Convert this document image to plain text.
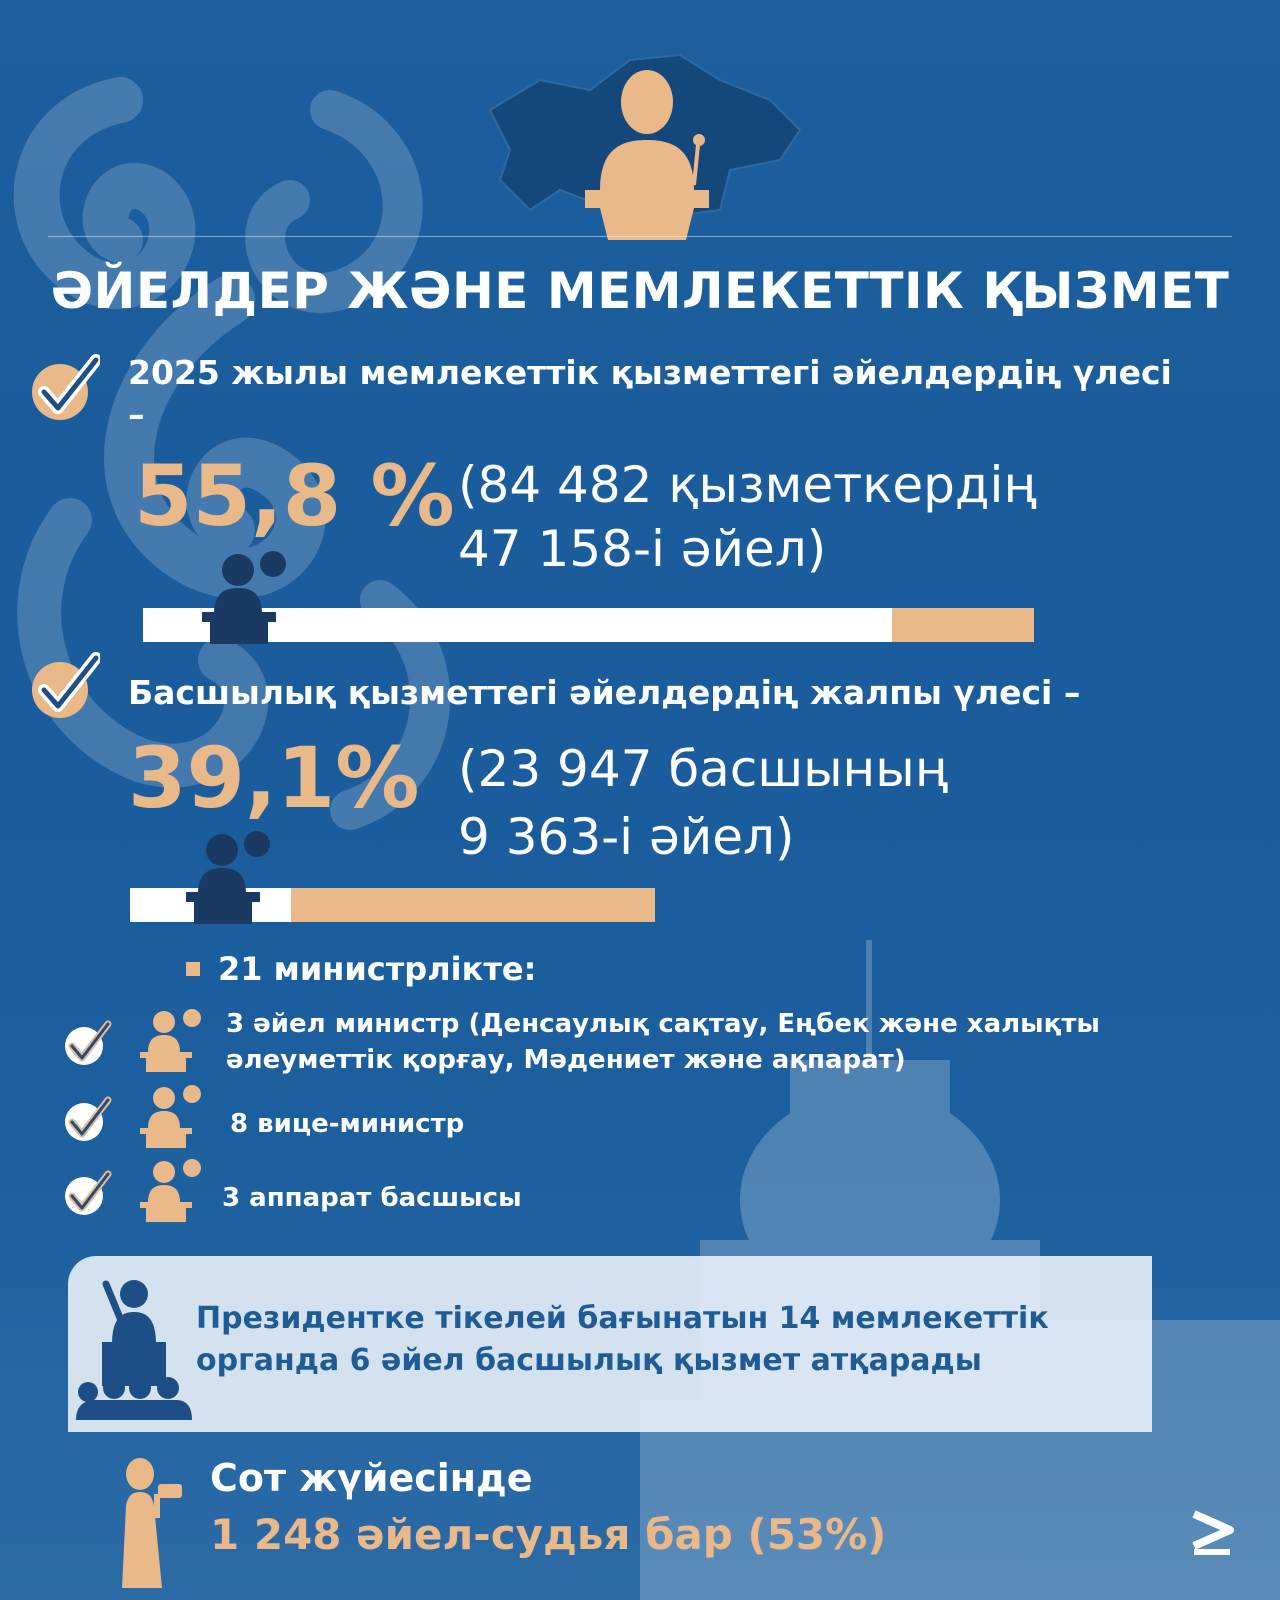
ӘЙЕЛДЕР ЖӘНЕ МЕМЛЕКЕТТІК ҚЫЗМЕТ
2025 жылы мемлекеттік қызметтегі әйелдердің үлесі –
55,8 % (84 482 қызметкердің
47 158-і әйел)
Басшылық қызметтегі әйелдердің жалпы үлесі –
39,1% (23 947 басшының
9 363-і әйел)
21 министрлікте:
3 әйел министр (Денсаулық сақтау, Еңбек және халықты
әлеуметтік қорғау, Мәдениет және ақпарат)
8 вице-министр
3 аппарат басшысы
Президентке тікелей бағынатын 14 мемлекеттік
органда 6 әйел басшылық қызмет атқарады
Сот жүйесінде
1 248 әйел-судья бар (53%)
